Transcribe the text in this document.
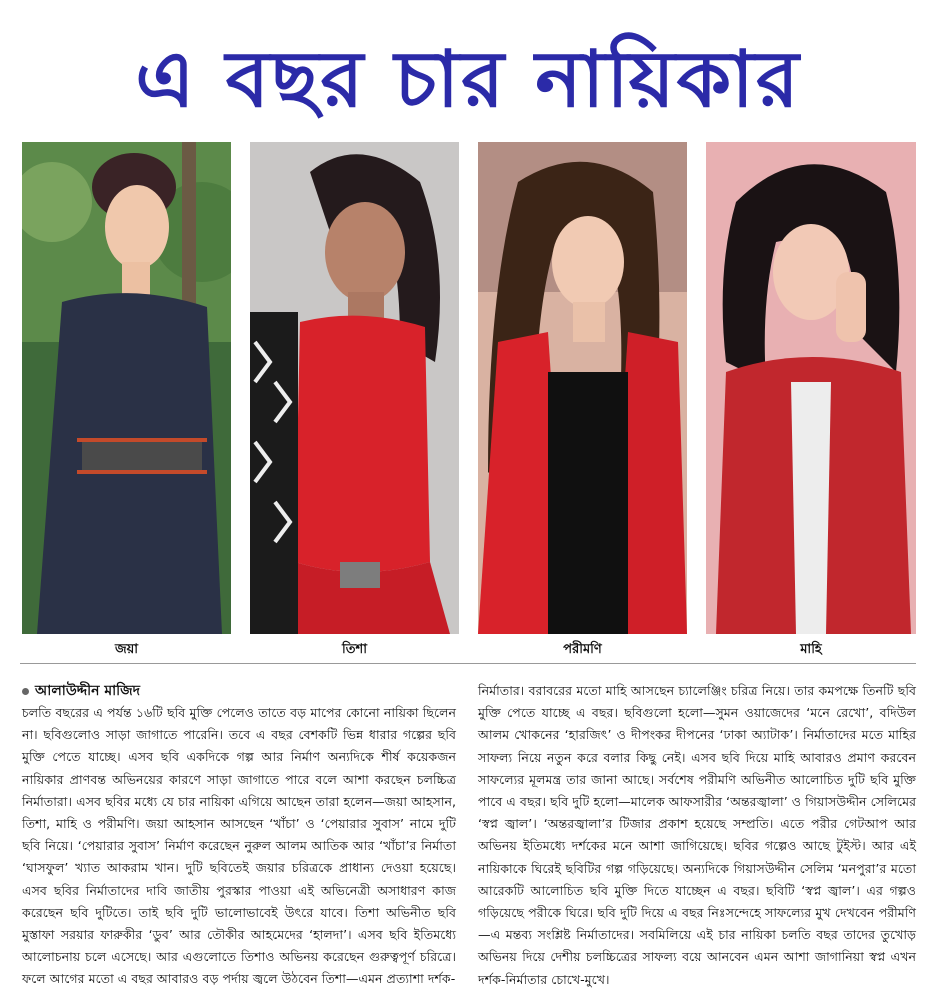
এ বছর চার নায়িকার
জয়া	তিশা	পরীমণি	মাহি
আলাউদ্দীন মাজিদ

চলতি বছরের এ পর্যন্ত ১৬টি ছবি মুক্তি পেলেও তাতে বড় মাপের কোনো নায়িকা ছিলেন না। ছবিগুলোও সাড়া জাগাতে পারেনি। তবে এ বছর বেশকটি ভিন্ন ধারার গল্পের ছবি মুক্তি পেতে যাচ্ছে। এসব ছবি একদিকে গল্প আর নির্মাণ অন্যদিকে শীর্ষ কয়েকজন নায়িকার প্রাণবন্ত অভিনয়ের কারণে সাড়া জাগাতে পারে বলে আশা করছেন চলচ্চিত্র নির্মাতারা। এসব ছবির মধ্যে যে চার নায়িকা এগিয়ে আছেন তারা হলেন—জয়া আহসান, তিশা, মাহি ও পরীমণি। জয়া আহসান আসছেন ‘খাঁচা’ ও ‘পেয়ারার সুবাস’ নামে দুটি ছবি নিয়ে। ‘পেয়ারার সুবাস’ নির্মাণ করেছেন নুরুল আলম আতিক আর ‘খাঁচা’র নির্মাতা ‘ঘাসফুল’ খ্যাত আকরাম খান। দুটি ছবিতেই জয়ার চরিত্রকে প্রাধান্য দেওয়া হয়েছে। এসব ছবির নির্মাতাদের দাবি জাতীয় পুরস্কার পাওয়া এই অভিনেত্রী অসাধারণ কাজ করেছেন ছবি দুটিতে। তাই ছবি দুটি ভালোভাবেই উৎরে যাবে। তিশা অভিনীত ছবি মুস্তাফা সরয়ার ফারুকীর ‘ডুব’ আর তৌকীর আহমেদের ‘হালদা’। এসব ছবি ইতিমধ্যে আলোচনায় চলে এসেছে। আর এগুলোতে তিশাও অভিনয় করেছেন গুরুত্বপূর্ণ চরিত্রে। ফলে আগের মতো এ বছর আবারও বড় পর্দায় জ্বলে উঠবেন তিশা—এমন প্রত্যাশা দর্শক-

নির্মাতার। বরাবরের মতো মাহি আসছেন চ্যালেঞ্জিং চরিত্র নিয়ে। তার কমপক্ষে তিনটি ছবি মুক্তি পেতে যাচ্ছে এ বছর। ছবিগুলো হলো—সুমন ওয়াজেদের ‘মনে রেখো’, বদিউল আলম খোকনের ‘হারজিৎ’ ও দীপংকর দীপনের ‘ঢাকা অ্যাটাক’। নির্মাতাদের মতে মাহির সাফল্য নিয়ে নতুন করে বলার কিছু নেই। এসব ছবি দিয়ে মাহি আবারও প্রমাণ করবেন সাফল্যের মূলমন্ত্র তার জানা আছে। সর্বশেষ পরীমণি অভিনীত আলোচিত দুটি ছবি মুক্তি পাবে এ বছর। ছবি দুটি হলো—মালেক আফসারীর ‘অন্তরজ্বালা’ ও গিয়াসউদ্দীন সেলিমের ‘স্বপ্ন জ্বাল’। ‘অন্তরজ্বালা’র টিজার প্রকাশ হয়েছে সম্প্রতি। এতে পরীর গেটআপ আর অভিনয় ইতিমধ্যে দর্শকের মনে আশা জাগিয়েছে। ছবির গল্পেও আছে টুইস্ট। আর এই নায়িকাকে ঘিরেই ছবিটির গল্প গড়িয়েছে। অন্যদিকে গিয়াসউদ্দীন সেলিম ‘মনপুরা’র মতো আরেকটি আলোচিত ছবি মুক্তি দিতে যাচ্ছেন এ বছর। ছবিটি ‘স্বপ্ন জ্বাল’। এর গল্পও গড়িয়েছে পরীকে ঘিরে। ছবি দুটি দিয়ে এ বছর নিঃসন্দেহে সাফল্যের মুখ দেখবেন পরীমণি—এ মন্তব্য সংশ্লিষ্ট নির্মাতাদের। সবমিলিয়ে এই চার নায়িকা চলতি বছর তাদের তুখোড় অভিনয় দিয়ে দেশীয় চলচ্চিত্রের সাফল্য বয়ে আনবেন এমন আশা জাগানিয়া স্বপ্ন এখন দর্শক-নির্মাতার চোখে-মুখে।
